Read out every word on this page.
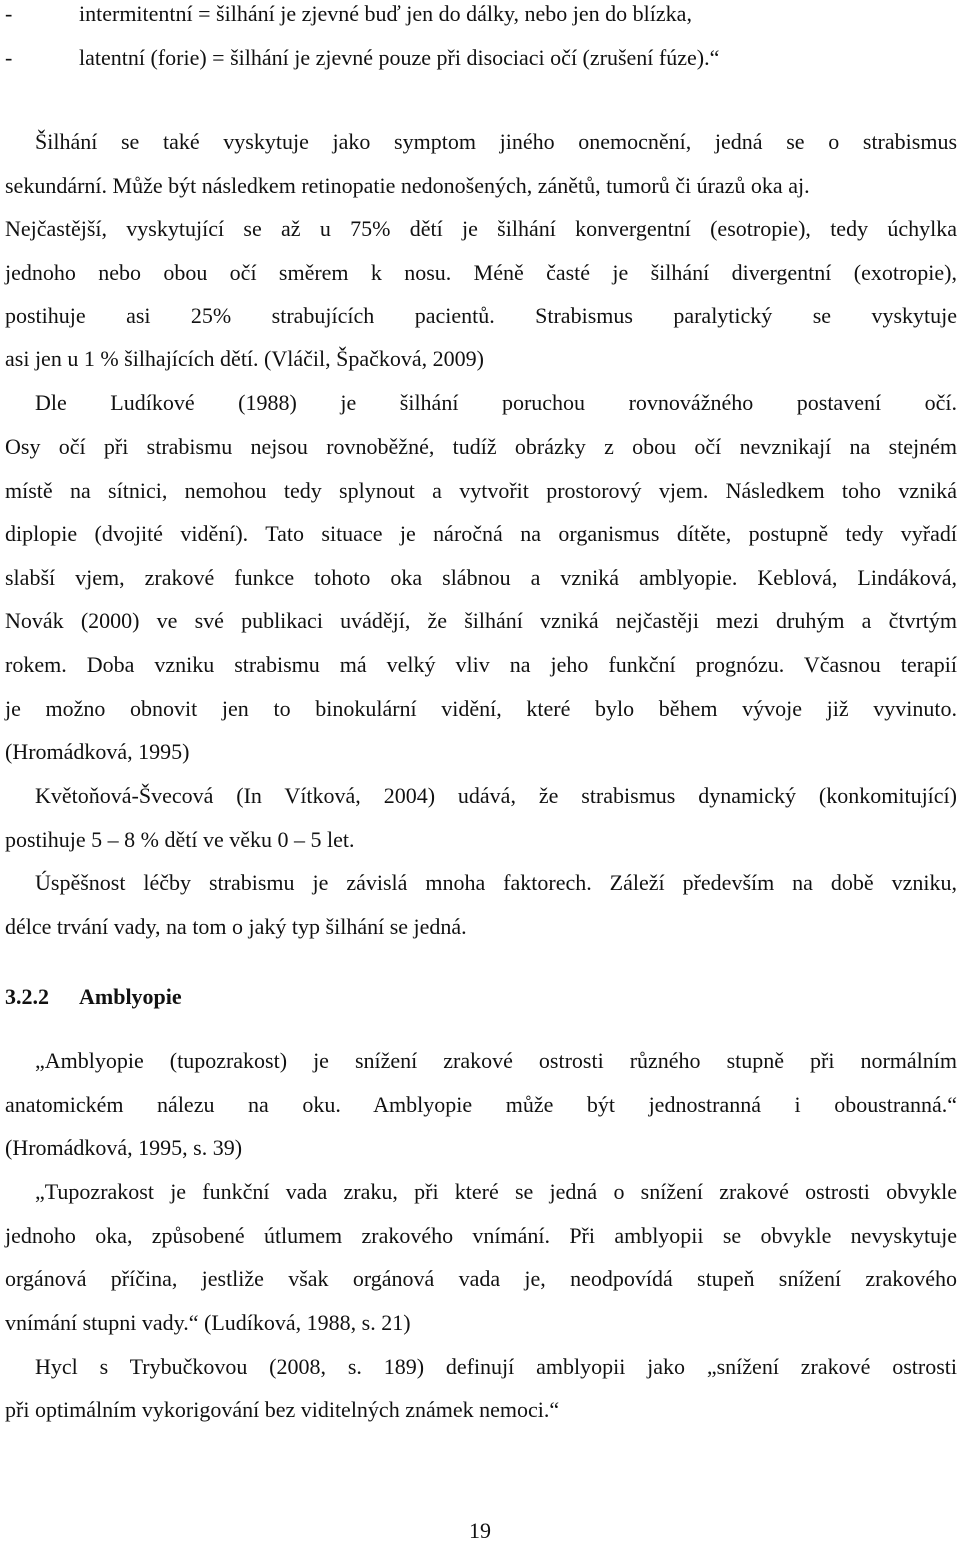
-	intermitentní = šilhání je zjevné buď jen do dálky, nebo jen do blízka,
-	latentní (forie) = šilhání je zjevné pouze při disociaci očí (zrušení fúze).“
Šilhání se také vyskytuje jako symptom jiného onemocnění, jedná se o strabismus
sekundární. Může být následkem retinopatie nedonošených, zánětů, tumorů či úrazů oka aj.
Nejčastější, vyskytující se až u 75% dětí je šilhání konvergentní (esotropie), tedy úchylka
jednoho nebo obou očí směrem k nosu. Méně časté je šilhání divergentní (exotropie),
postihuje asi 25% strabujících pacientů. Strabismus paralytický se vyskytuje
asi jen u 1 % šilhajících dětí. (Vláčil, Špačková, 2009)
Dle Ludíkové (1988) je šilhání poruchou rovnovážného postavení očí.
Osy očí při strabismu nejsou rovnoběžné, tudíž obrázky z obou očí nevznikají na stejném
místě na sítnici, nemohou tedy splynout a vytvořit prostorový vjem. Následkem toho vzniká
diplopie (dvojité vidění). Tato situace je náročná na organismus dítěte, postupně tedy vyřadí
slabší vjem, zrakové funkce tohoto oka slábnou a vzniká amblyopie. Keblová, Lindáková,
Novák (2000) ve své publikaci uvádějí, že šilhání vzniká nejčastěji mezi druhým a čtvrtým
rokem. Doba vzniku strabismu má velký vliv na jeho funkční prognózu. Včasnou terapií
je možno obnovit jen to binokulární vidění, které bylo během vývoje již vyvinuto.
(Hromádková, 1995)
Květoňová-Švecová (In Vítková, 2004) udává, že strabismus dynamický (konkomitující)
postihuje 5 – 8 % dětí ve věku 0 – 5 let.
Úspěšnost léčby strabismu je závislá mnoha faktorech. Záleží především na době vzniku,
délce trvání vady, na tom o jaký typ šilhání se jedná.
3.2.2 Amblyopie
„Amblyopie (tupozrakost) je snížení zrakové ostrosti různého stupně při normálním
anatomickém nálezu na oku. Amblyopie může být jednostranná i oboustranná.“
(Hromádková, 1995, s. 39)
„Tupozrakost je funkční vada zraku, při které se jedná o snížení zrakové ostrosti obvykle
jednoho oka, způsobené útlumem zrakového vnímání. Při amblyopii se obvykle nevyskytuje
orgánová příčina, jestliže však orgánová vada je, neodpovídá stupeň snížení zrakového
vnímání stupni vady.“ (Ludíková, 1988, s. 21)
Hycl s Trybučkovou (2008, s. 189) definují amblyopii jako „snížení zrakové ostrosti
při optimálním vykorigování bez viditelných známek nemoci.“
19
